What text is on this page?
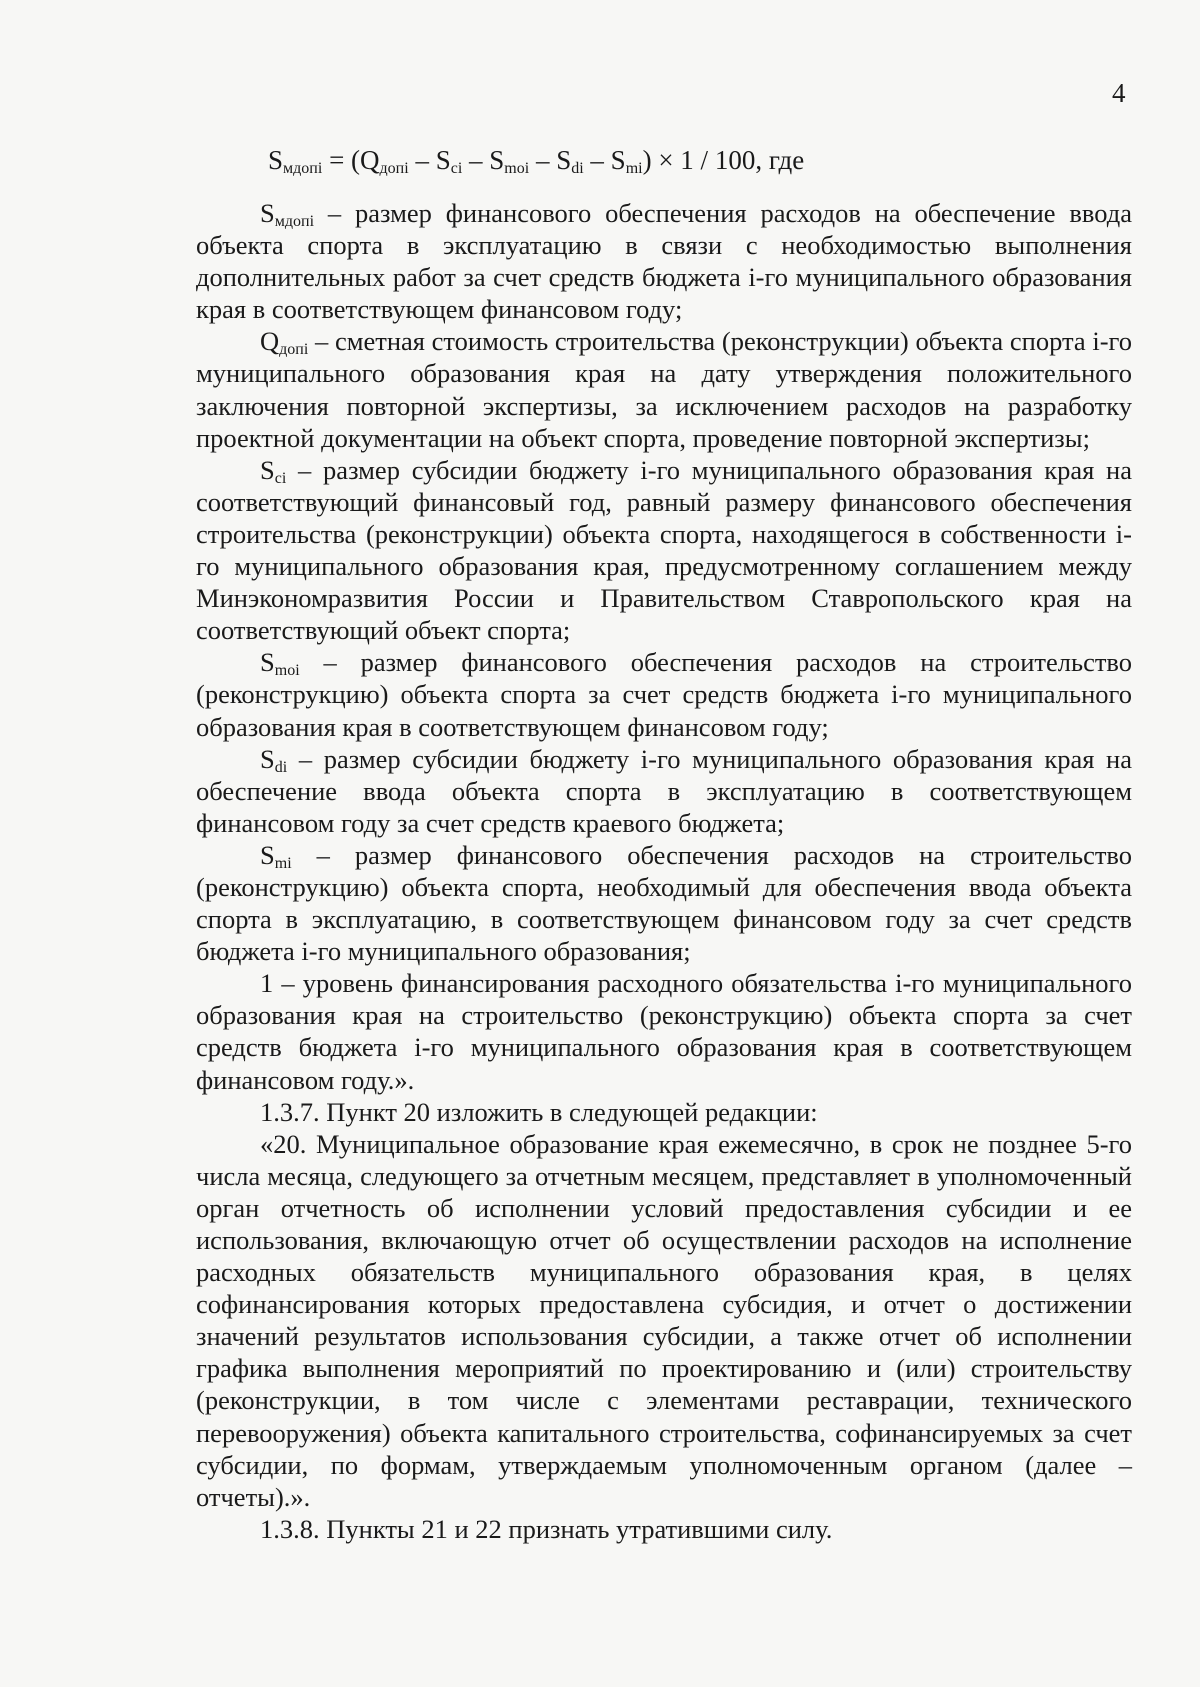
4
$S_{мдопi} = (Q_{допi} - S_{ci} - S_{moi} - S_{di} - S_{mi}) \times 1 / 100$, где

$S_{мдопi}$ – размер финансового обеспечения расходов на обеспечение ввода объекта спорта в эксплуатацию в связи с необходимостью выполнения дополнительных работ за счет средств бюджета i-го муниципального образования края в соответствующем финансовом году;

$Q_{допi}$ – сметная стоимость строительства (реконструкции) объекта спорта i-го муниципального образования края на дату утверждения положительного заключения повторной экспертизы, за исключением расходов на разработку проектной документации на объект спорта, проведение повторной экспертизы;

$S_{ci}$ – размер субсидии бюджету i-го муниципального образования края на соответствующий финансовый год, равный размеру финансового обеспечения строительства (реконструкции) объекта спорта, находящегося в собственности i-го муниципального образования края, предусмотренному соглашением между Минэкономразвития России и Правительством Ставропольского края на соответствующий объект спорта;

$S_{moi}$ – размер финансового обеспечения расходов на строительство (реконструкцию) объекта спорта за счет средств бюджета i-го муниципального образования края в соответствующем финансовом году;

$S_{di}$ – размер субсидии бюджету i-го муниципального образования края на обеспечение ввода объекта спорта в эксплуатацию в соответствующем финансовом году за счет средств краевого бюджета;

$S_{mi}$ – размер финансового обеспечения расходов на строительство (реконструкцию) объекта спорта, необходимый для обеспечения ввода объекта спорта в эксплуатацию, в соответствующем финансовом году за счет средств бюджета i-го муниципального образования;

1 – уровень финансирования расходного обязательства i-го муниципального образования края на строительство (реконструкцию) объекта спорта за счет средств бюджета i-го муниципального образования края в соответствующем финансовом году.».

1.3.7. Пункт 20 изложить в следующей редакции:

«20. Муниципальное образование края ежемесячно, в срок не позднее 5-го числа месяца, следующего за отчетным месяцем, представляет в уполномоченный орган отчетность об исполнении условий предоставления субсидии и ее использования, включающую отчет об осуществлении расходов на исполнение расходных обязательств муниципального образования края, в целях софинансирования которых предоставлена субсидия, и отчет о достижении значений результатов использования субсидии, а также отчет об исполнении графика выполнения мероприятий по проектированию и (или) строительству (реконструкции, в том числе с элементами реставрации, технического перевооружения) объекта капитального строительства, софинансируемых за счет субсидии, по формам, утверждаемым уполномоченным органом (далее – отчеты).».

1.3.8. Пункты 21 и 22 признать утратившими силу.
